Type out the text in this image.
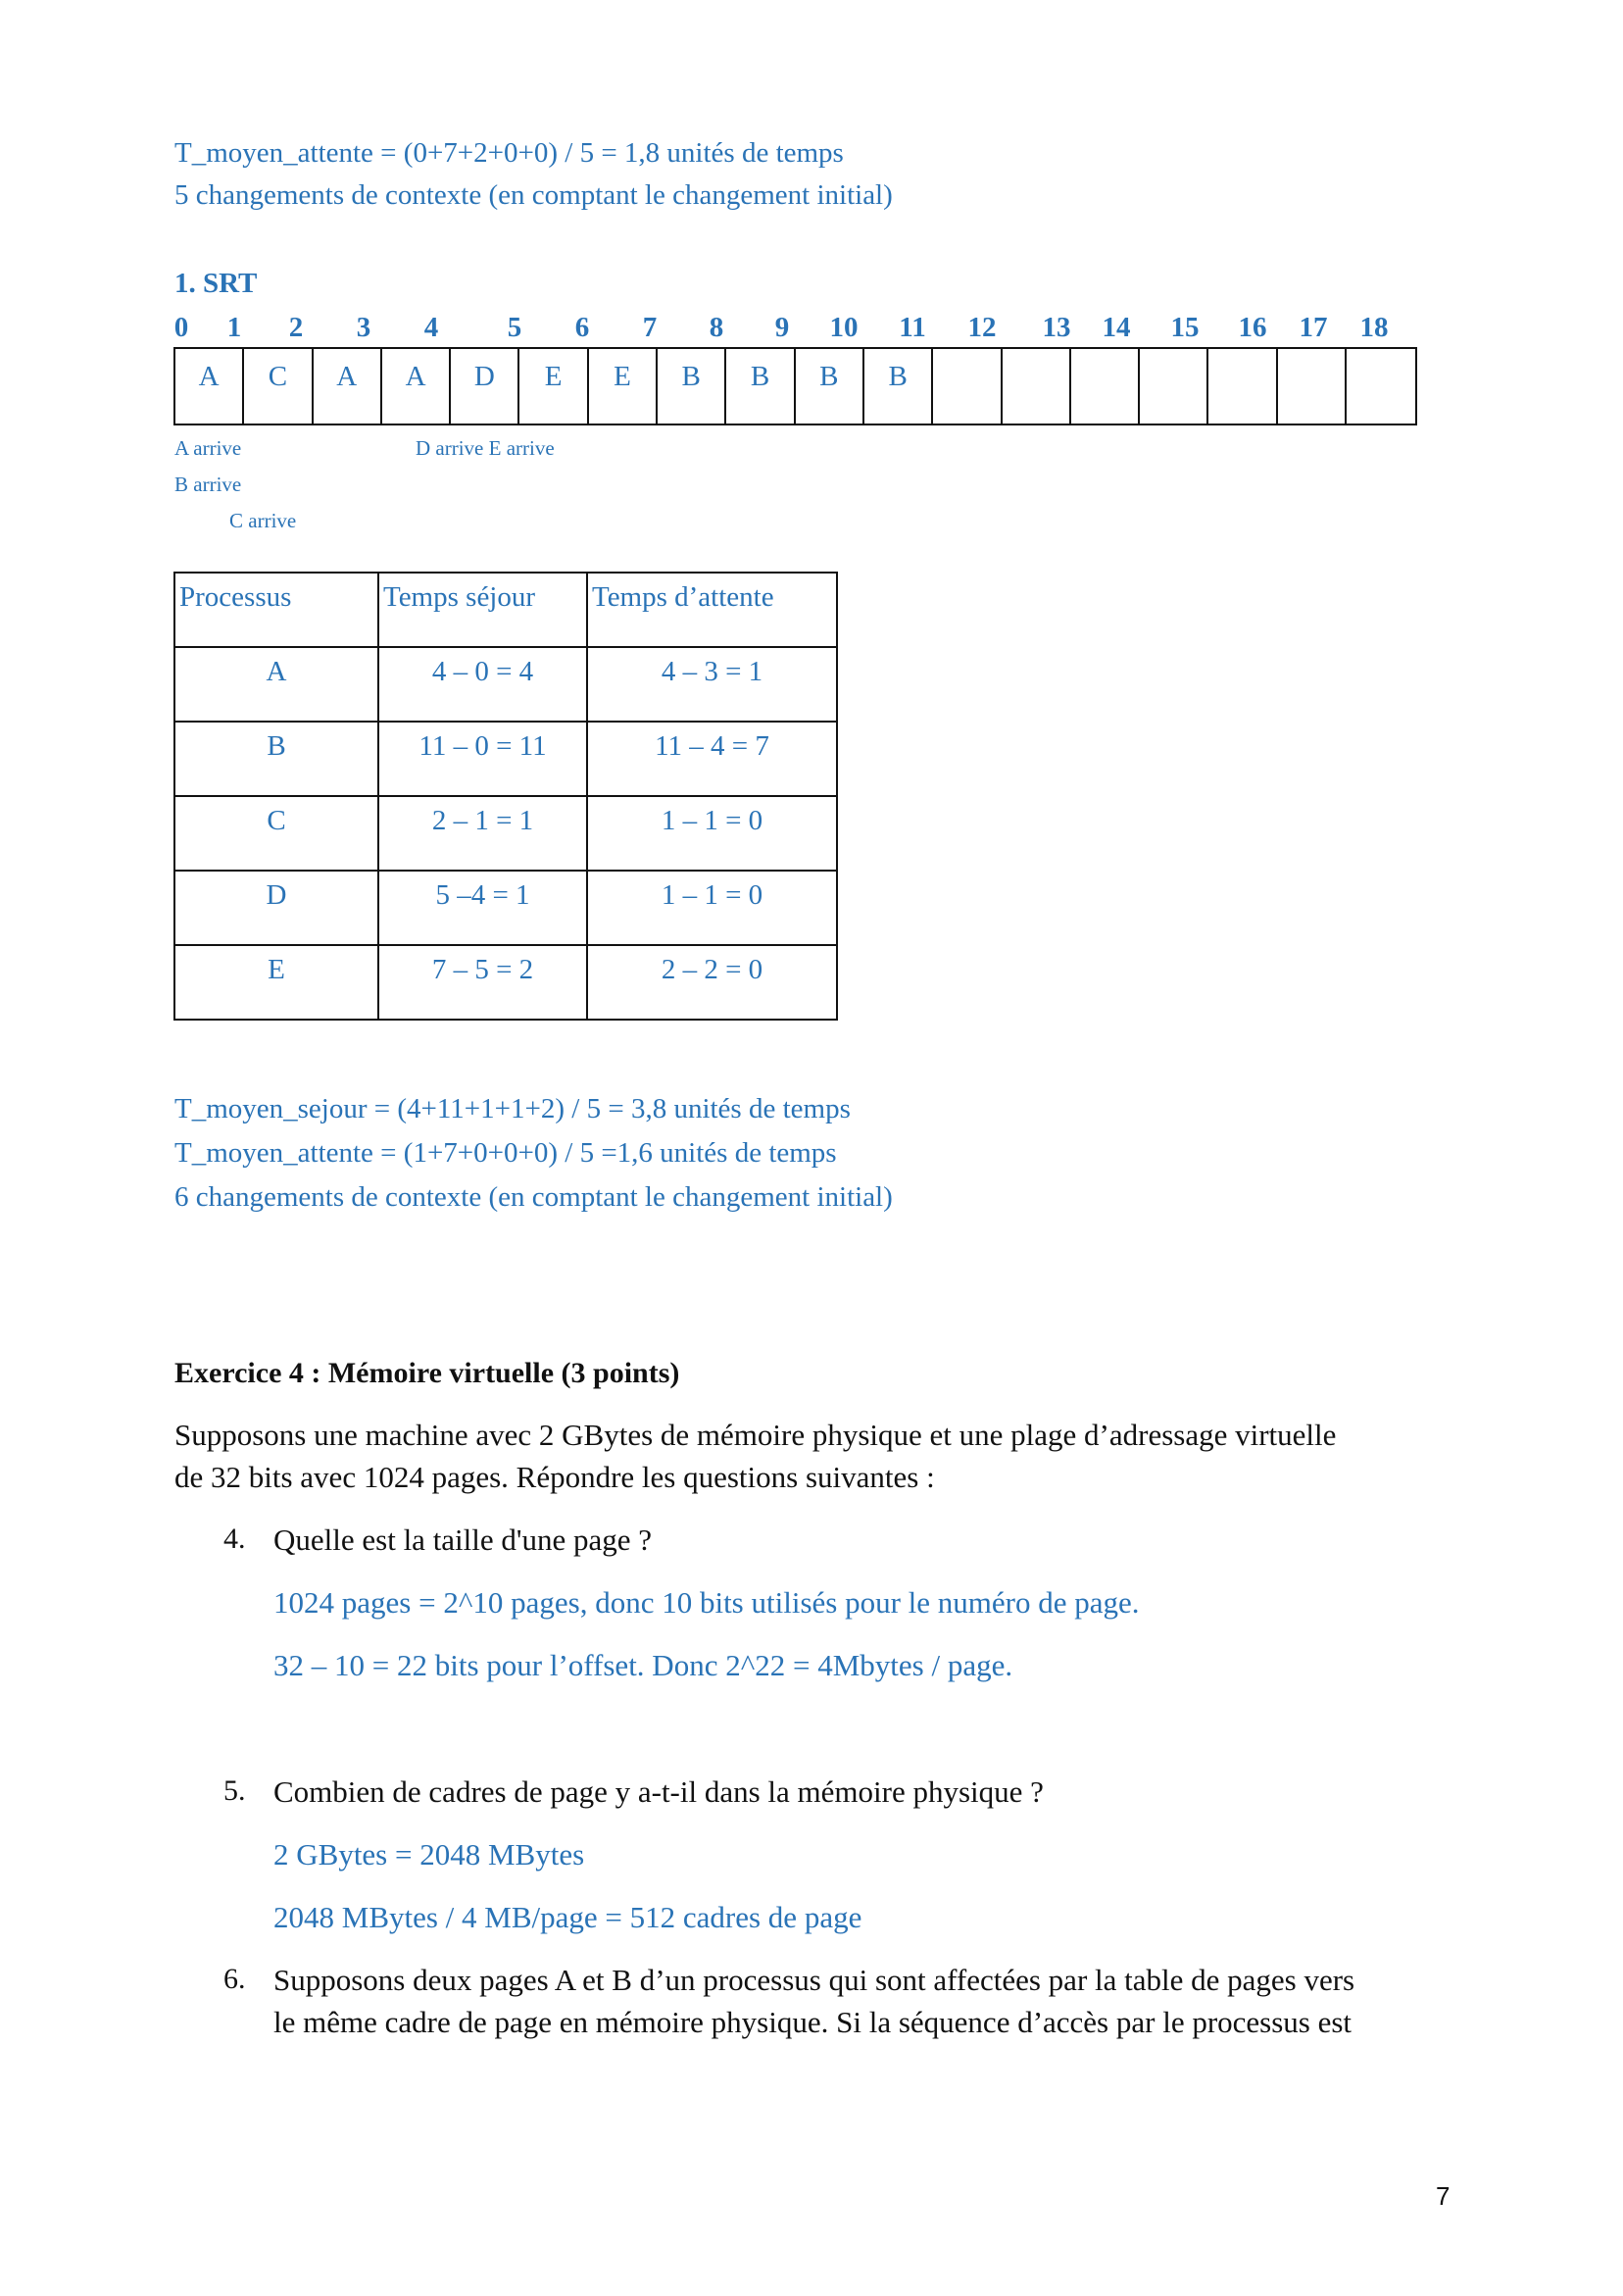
T_moyen_attente = (0+7+2+0+0) / 5 = 1,8 unités de temps
5 changements de contexte (en comptant le changement initial)
1. SRT
0 1 2 3 4 5 6 7 8 9 10 11 12 13 14 15 16 17 18
A	C	A	A	D	E	E	B	B	B	B
A arrive
B arrive
C arrive
D arrive E arrive
Processus	Temps séjour	Temps d’attente
A	4 – 0 = 4	4 – 3 = 1
B	11 – 0 = 11	11 – 4 = 7
C	2 – 1 = 1	1 – 1 = 0
D	5 –4 = 1	1 – 1 = 0
E	7 – 5 = 2	2 – 2 = 0
T_moyen_sejour = (4+11+1+1+2) / 5 = 3,8 unités de temps
T_moyen_attente = (1+7+0+0+0) / 5 =1,6 unités de temps
6 changements de contexte (en comptant le changement initial)
Exercice 4 : Mémoire virtuelle (3 points)
Supposons une machine avec 2 GBytes de mémoire physique et une plage d’adressage virtuelle
de 32 bits avec 1024 pages. Répondre les questions suivantes :
4. Quelle est la taille d'une page ?
1024 pages = 2^10 pages, donc 10 bits utilisés pour le numéro de page.
32 – 10 = 22 bits pour l’offset. Donc 2^22 = 4Mbytes / page.
5. Combien de cadres de page y a-t-il dans la mémoire physique ?
2 GBytes = 2048 MBytes
2048 MBytes / 4 MB/page = 512 cadres de page
6. Supposons deux pages A et B d’un processus qui sont affectées par la table de pages vers
le même cadre de page en mémoire physique. Si la séquence d’accès par le processus est
7
